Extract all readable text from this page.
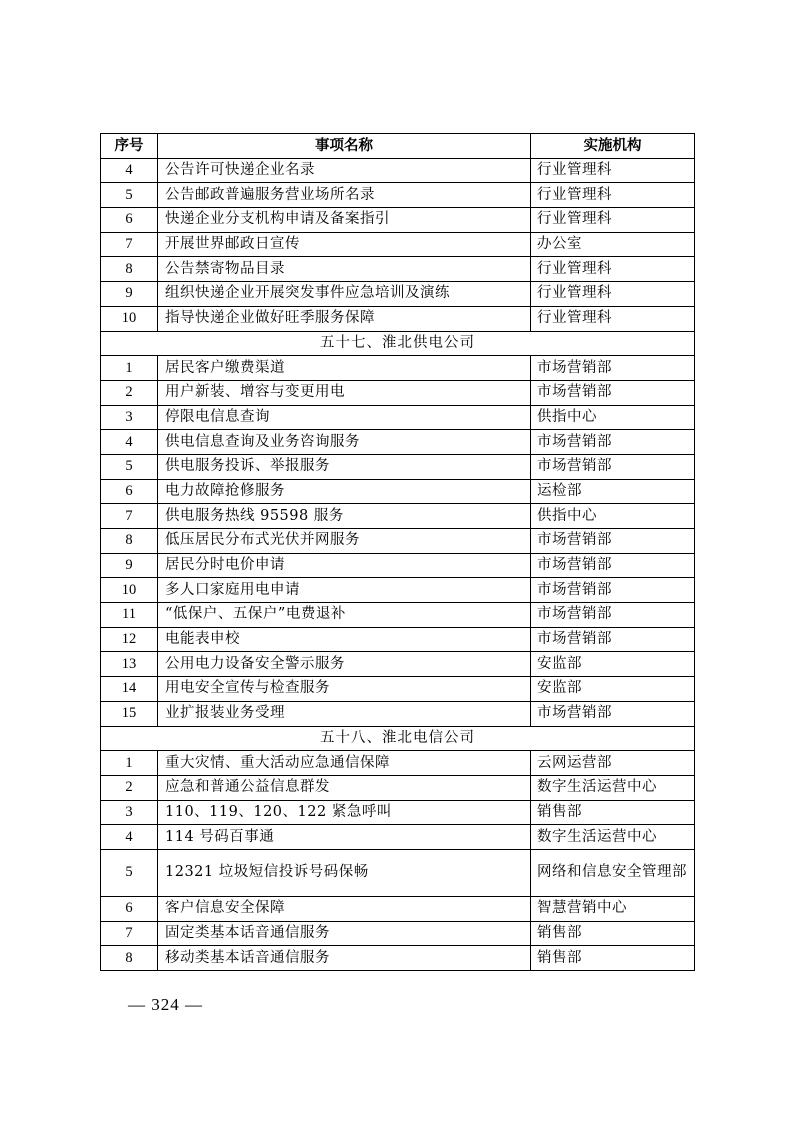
序号	事项名称	实施机构
4	公告许可快递企业名录	行业管理科
5	公告邮政普遍服务营业场所名录	行业管理科
6	快递企业分支机构申请及备案指引	行业管理科
7	开展世界邮政日宣传	办公室
8	公告禁寄物品目录	行业管理科
9	组织快递企业开展突发事件应急培训及演练	行业管理科
10	指导快递企业做好旺季服务保障	行业管理科
五十七、淮北供电公司		
1	居民客户缴费渠道	市场营销部
2	用户新装、增容与变更用电	市场营销部
3	停限电信息查询	供指中心
4	供电信息查询及业务咨询服务	市场营销部
5	供电服务投诉、举报服务	市场营销部
6	电力故障抢修服务	运检部
7	供电服务热线 95598 服务	供指中心
8	低压居民分布式光伏并网服务	市场营销部
9	居民分时电价申请	市场营销部
10	多人口家庭用电申请	市场营销部
11	“低保户、五保户”电费退补	市场营销部
12	电能表申校	市场营销部
13	公用电力设备安全警示服务	安监部
14	用电安全宣传与检查服务	安监部
15	业扩报装业务受理	市场营销部
五十八、淮北电信公司		
1	重大灾情、重大活动应急通信保障	云网运营部
2	应急和普通公益信息群发	数字生活运营中心
3	110、119、120、122 紧急呼叫	销售部
4	114 号码百事通	数字生活运营中心
5	12321 垃圾短信投诉号码保畅	网络和信息安全管理部
6	客户信息安全保障	智慧营销中心
7	固定类基本话音通信服务	销售部
8	移动类基本话音通信服务	销售部
— 324 —
